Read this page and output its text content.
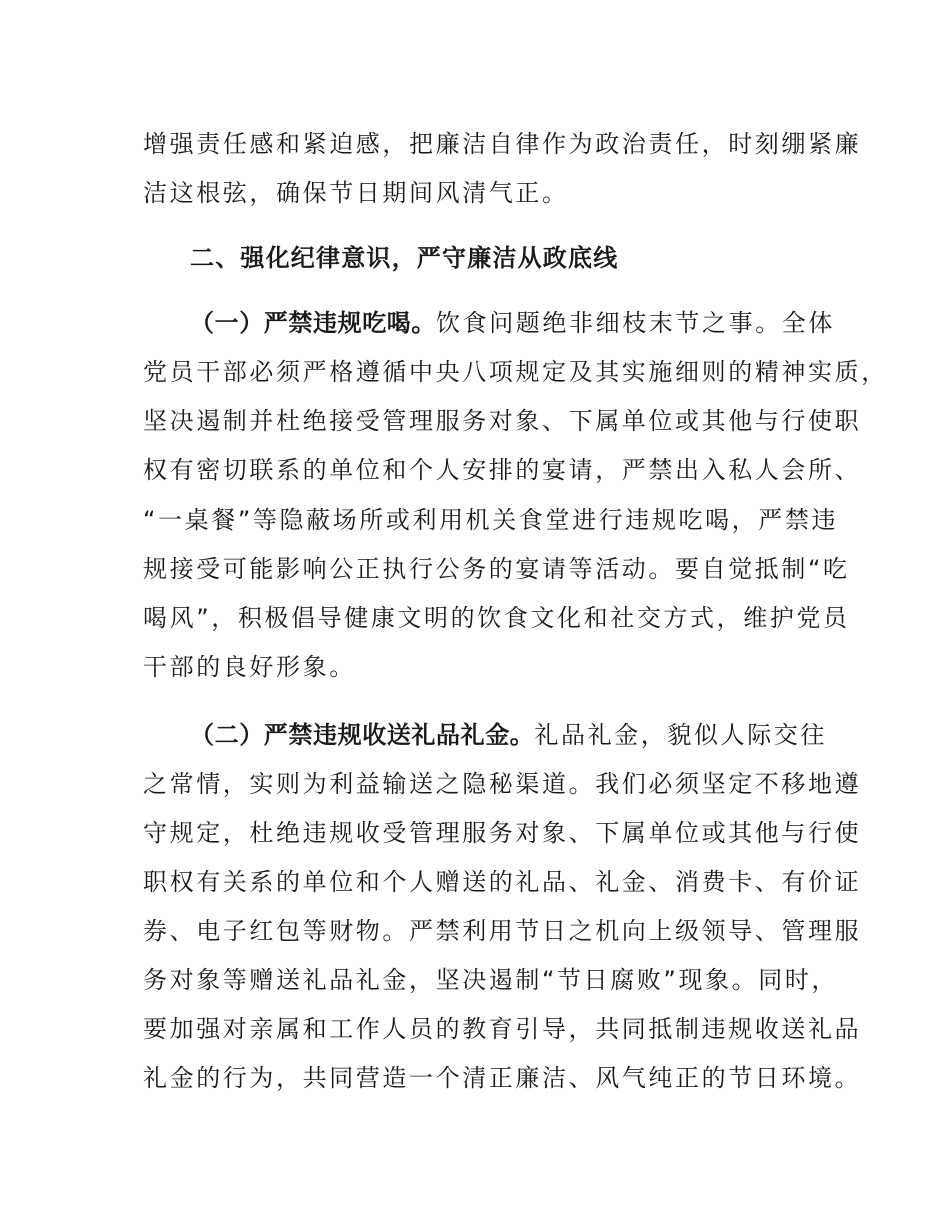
增强责任感和紧迫感，把廉洁自律作为政治责任，时刻绷紧廉
洁这根弦，确保节日期间风清气正。
二、强化纪律意识，严守廉洁从政底线
（一）严禁违规吃喝。饮食问题绝非细枝末节之事。全体
党员干部必须严格遵循中央八项规定及其实施细则的精神实质，
坚决遏制并杜绝接受管理服务对象、下属单位或其他与行使职
权有密切联系的单位和个人安排的宴请，严禁出入私人会所、
“一桌餐”等隐蔽场所或利用机关食堂进行违规吃喝，严禁违
规接受可能影响公正执行公务的宴请等活动。要自觉抵制“吃
喝风”，积极倡导健康文明的饮食文化和社交方式，维护党员
干部的良好形象。
（二）严禁违规收送礼品礼金。礼品礼金，貌似人际交往
之常情，实则为利益输送之隐秘渠道。我们必须坚定不移地遵
守规定，杜绝违规收受管理服务对象、下属单位或其他与行使
职权有关系的单位和个人赠送的礼品、礼金、消费卡、有价证
券、电子红包等财物。严禁利用节日之机向上级领导、管理服
务对象等赠送礼品礼金，坚决遏制“节日腐败”现象。同时，
要加强对亲属和工作人员的教育引导，共同抵制违规收送礼品
礼金的行为，共同营造一个清正廉洁、风气纯正的节日环境。
